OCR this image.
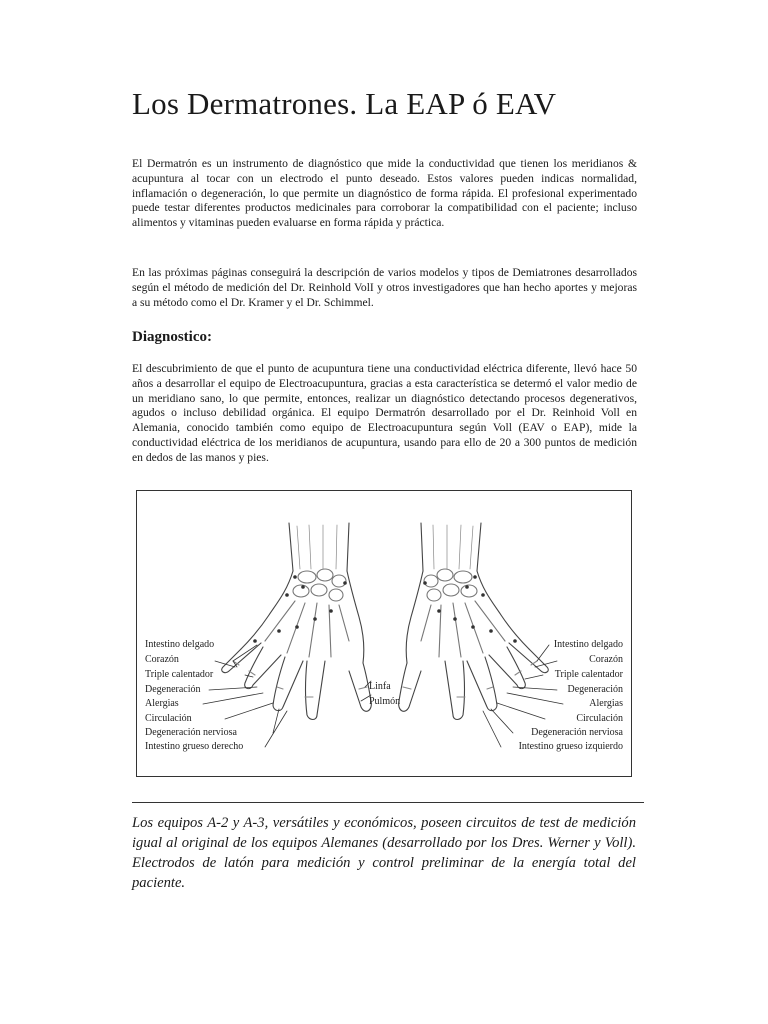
Los Dermatrones. La EAP ó EAV

El Dermatrón es un instrumento de diagnóstico que mide la conductividad que tienen los meridianos & acupuntura al tocar con un electrodo el punto deseado. Estos valores pueden indicas normalidad, inflamación o degeneración, lo que permite un diagnóstico de forma rápida. El profesional experimentado puede testar diferentes productos medicinales para corroborar la compatibilidad con el paciente; incluso alimentos y vitaminas pueden evaluarse en forma rápida y práctica.

En las próximas páginas conseguirá la descripción de varios modelos y tipos de Demiatrones desarrollados según el método de medición del Dr. Reinhold VolI y otros investigadores que han hecho aportes y mejoras a su método como el Dr. Kramer y el Dr. Schimmel.

Diagnostico:

El descubrimiento de que el punto de acupuntura tiene una conductividad eléctrica diferente, llevó hace 50 años a desarrollar el equipo de Electroacupuntura, gracias a esta característica se determó el valor medio de un meridiano sano, lo que permite, entonces, realizar un diagnóstico detectando procesos degenerativos, agudos o incluso debilidad orgánica. El equipo Dermatrón desarrollado por el Dr. Reinhoid Voll en Alemania, conocido también como equipo de Electroacupuntura según Voll (EAV o EAP), mide la conductividad eléctrica de los meridianos de acupuntura, usando para ello de 20 a 300 puntos de medición en dedos de las manos y pies.

Intestino delgado
Corazón
Triple calentador
Degeneración
Alergias
Circulación
Degeneración nerviosa
Intestino grueso derecho
Linfa
Pulmón
Intestino delgado
Corazón
Triple calentador
Degeneración
Alergias
Circulación
Degeneración nerviosa
Intestino grueso izquierdo

Los equipos A-2 y A-3, versátiles y económicos, poseen circuitos de test de medición igual al original de los equipos Alemanes (desarrollado por los Dres. Werner y Voll). Electrodos de latón para medición y control preliminar de la energía total del paciente.
